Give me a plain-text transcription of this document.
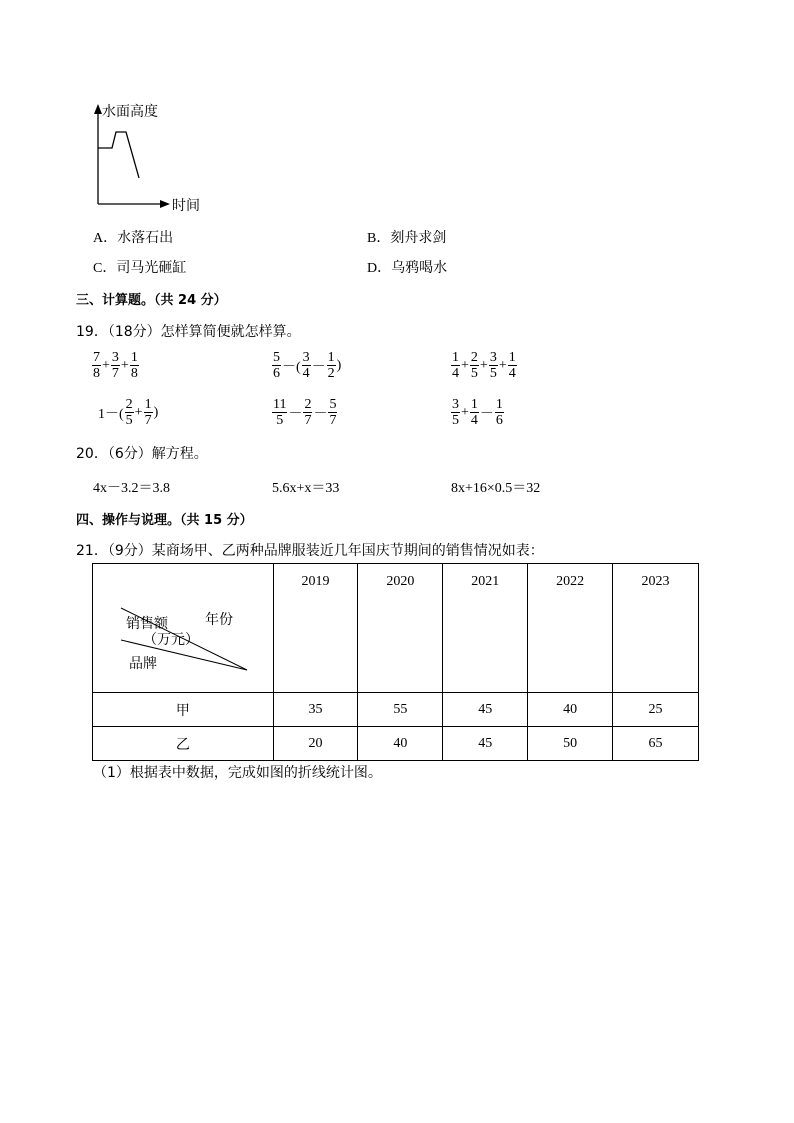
水面高度
时间
A．水落石出	B．刻舟求剑
C．司马光砸缸	D．乌鸦喝水
三、计算题。（共 24 分）
19．（18分）怎样算简便就怎样算。
$\frac{7}{8} + \frac{3}{7} + \frac{1}{8}$	$\frac{5}{6}$ －( $\frac{3}{4} - \frac{1}{2}$ )	$\frac{1}{4} + \frac{2}{5} + \frac{3}{5} + \frac{1}{4}$
$1-( \frac{2}{5} + \frac{1}{7}$ )	$\frac{11}{5} - \frac{2}{7} - \frac{5}{7}$	$\frac{3}{5} + \frac{1}{4} - \frac{1}{6}$
20．（6分）解方程。
4x－3.2＝3.8	5.6x+x＝33	8x+16×0.5＝32
四、操作与说理。（共 15 分）
21．（9分）某商场甲、乙两种品牌服装近几年国庆节期间的销售情况如表：
年份
销售额
（万元）
品牌	2019	2020	2021	2022	2023
甲	35	55	45	40	25
乙	20	40	45	50	65
（1）根据表中数据，完成如图的折线统计图。
